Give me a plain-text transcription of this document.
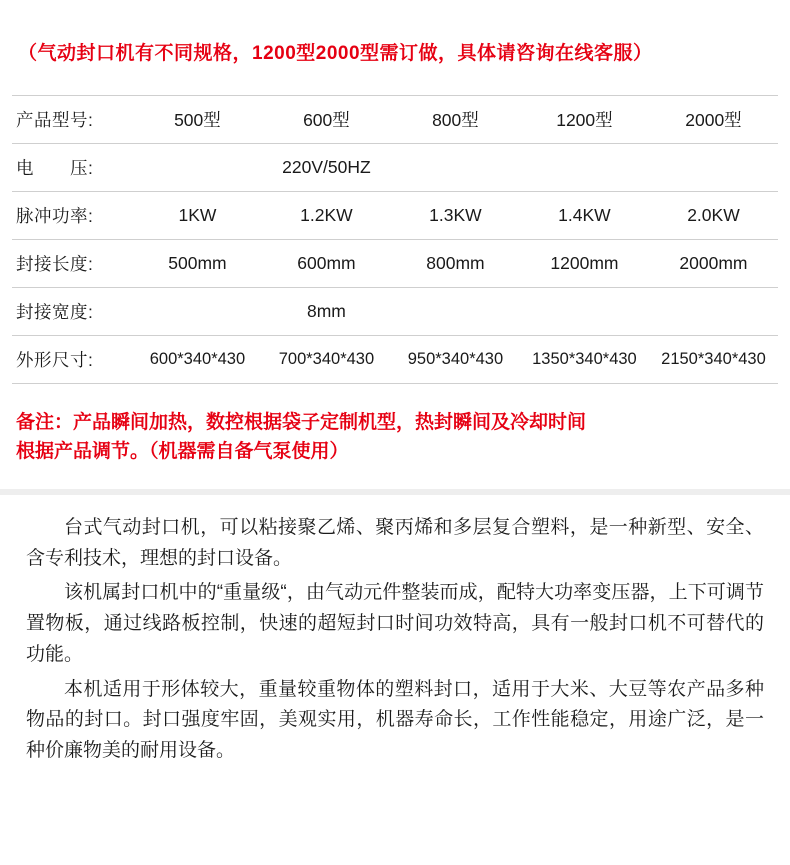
（气动封口机有不同规格，1200型2000型需订做，具体请咨询在线客服）
产品型号:	500型	600型	800型	1200型	2000型
电　　压:	220V/50HZ				
脉冲功率:	1KW	1.2KW	1.3KW	1.4KW	2.0KW
封接长度:	500mm	600mm	800mm	1200mm	2000mm
封接宽度:	8mm				
外形尺寸:	600*340*430	700*340*430	950*340*430	1350*340*430	2150*340*430
备注：产品瞬间加热，数控根据袋子定制机型，热封瞬间及冷却时间
根据产品调节。（机器需自备气泵使用）

台式气动封口机，可以粘接聚乙烯、聚丙烯和多层复合塑料，是一种新型、安全、含专利技术，理想的封口设备。

该机属封口机中的“重量级“，由气动元件整装而成，配特大功率变压器，上下可调节置物板，通过线路板控制，快速的超短封口时间功效特高，具有一般封口机不可替代的功能。

本机适用于形体较大，重量较重物体的塑料封口，适用于大米、大豆等农产品多种物品的封口。封口强度牢固，美观实用，机器寿命长，工作性能稳定，用途广泛，是一种价廉物美的耐用设备。
